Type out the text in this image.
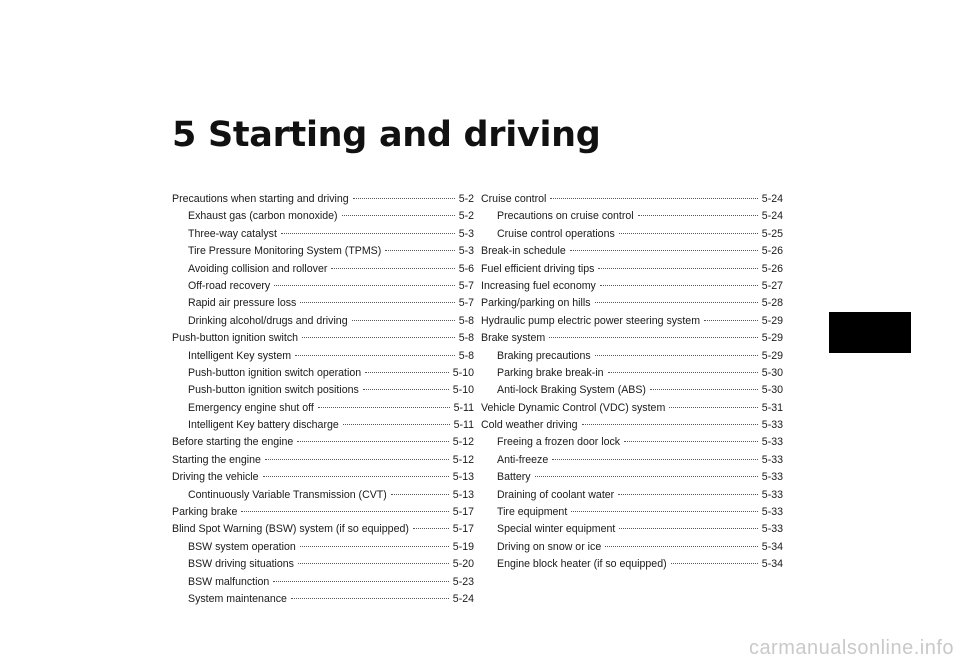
5 Starting and driving
Precautions when starting and driving	5-2
Exhaust gas (carbon monoxide)	5-2
Three-way catalyst	5-3
Tire Pressure Monitoring System (TPMS)	5-3
Avoiding collision and rollover	5-6
Off-road recovery	5-7
Rapid air pressure loss	5-7
Drinking alcohol/drugs and driving	5-8
Push-button ignition switch	5-8
Intelligent Key system	5-8
Push-button ignition switch operation	5-10
Push-button ignition switch positions	5-10
Emergency engine shut off	5-11
Intelligent Key battery discharge	5-11
Before starting the engine	5-12
Starting the engine	5-12
Driving the vehicle	5-13
Continuously Variable Transmission (CVT)	5-13
Parking brake	5-17
Blind Spot Warning (BSW) system (if so equipped)	5-17
BSW system operation	5-19
BSW driving situations	5-20
BSW malfunction	5-23
System maintenance	5-24
Cruise control	5-24
Precautions on cruise control	5-24
Cruise control operations	5-25
Break-in schedule	5-26
Fuel efficient driving tips	5-26
Increasing fuel economy	5-27
Parking/parking on hills	5-28
Hydraulic pump electric power steering system	5-29
Brake system	5-29
Braking precautions	5-29
Parking brake break-in	5-30
Anti-lock Braking System (ABS)	5-30
Vehicle Dynamic Control (VDC) system	5-31
Cold weather driving	5-33
Freeing a frozen door lock	5-33
Anti-freeze	5-33
Battery	5-33
Draining of coolant water	5-33
Tire equipment	5-33
Special winter equipment	5-33
Driving on snow or ice	5-34
Engine block heater (if so equipped)	5-34
carmanualsonline.info
